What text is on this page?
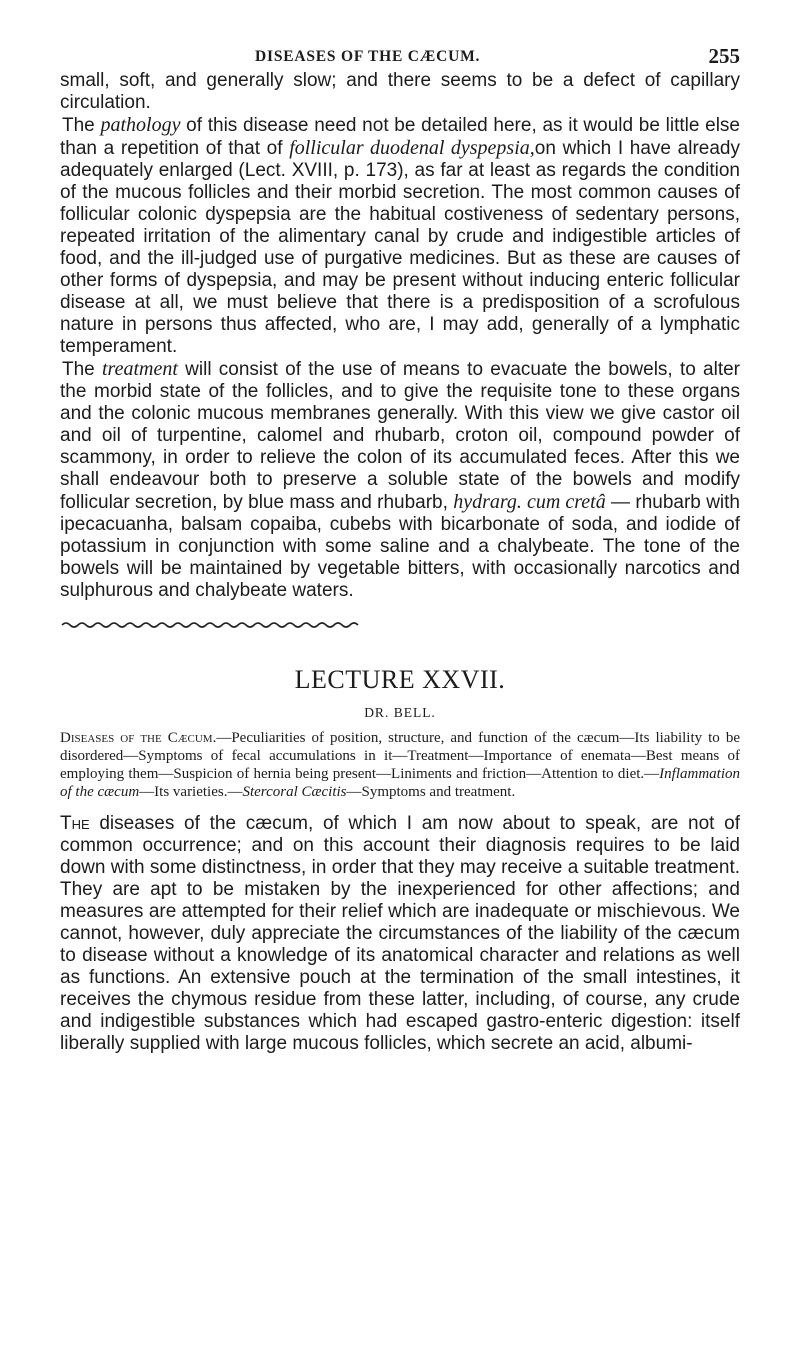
DISEASES OF THE CÆCUM.	255

small, soft, and generally slow; and there seems to be a defect of capillary circulation.

The pathology of this disease need not be detailed here, as it would be little else than a repetition of that of follicular duodenal dyspepsia,on which I have already adequately enlarged (Lect. XVIII, p. 173), as far at least as regards the condition of the mucous follicles and their morbid secretion. The most common causes of follicular colonic dyspepsia are the habitual costiveness of sedentary persons, repeated irritation of the alimentary canal by crude and indigestible articles of food, and the ill-judged use of purgative medicines. But as these are causes of other forms of dyspepsia, and may be present without inducing enteric follicular disease at all, we must believe that there is a predisposition of a scrofulous nature in persons thus affected, who are, I may add, generally of a lymphatic temperament.

The treatment will consist of the use of means to evacuate the bowels, to alter the morbid state of the follicles, and to give the requisite tone to these organs and the colonic mucous membranes generally. With this view we give castor oil and oil of turpentine, calomel and rhubarb, croton oil, compound powder of scammony, in order to relieve the colon of its accumulated feces. After this we shall endeavour both to preserve a soluble state of the bowels and modify follicular secretion, by blue mass and rhubarb, hydrarg. cum cretâ — rhubarb with ipecacuanha, balsam copaiba, cubebs with bicarbonate of soda, and iodide of potassium in conjunction with some saline and a chalybeate. The tone of the bowels will be maintained by vegetable bitters, with occasionally narcotics and sulphurous and chalybeate waters.

LECTURE XXVII.
DR. BELL.
Diseases of the Cæcum.—Peculiarities of position, structure, and function of the cæcum—Its liability to be disordered—Symptoms of fecal accumulations in it—Treatment—Importance of enemata—Best means of employing them—Suspicion of hernia being present—Liniments and friction—Attention to diet.—Inflammation of the cæcum—Its varieties.—Stercoral Cæcitis—Symptoms and treatment.

The diseases of the cæcum, of which I am now about to speak, are not of common occurrence; and on this account their diagnosis requires to be laid down with some distinctness, in order that they may receive a suitable treatment. They are apt to be mistaken by the inexperienced for other affections; and measures are attempted for their relief which are inadequate or mischievous. We cannot, however, duly appreciate the circumstances of the liability of the cæcum to disease without a knowledge of its anatomical character and relations as well as functions. An extensive pouch at the termination of the small intestines, it receives the chymous residue from these latter, including, of course, any crude and indigestible substances which had escaped gastro-enteric digestion: itself liberally supplied with large mucous follicles, which secrete an acid, albumi-
